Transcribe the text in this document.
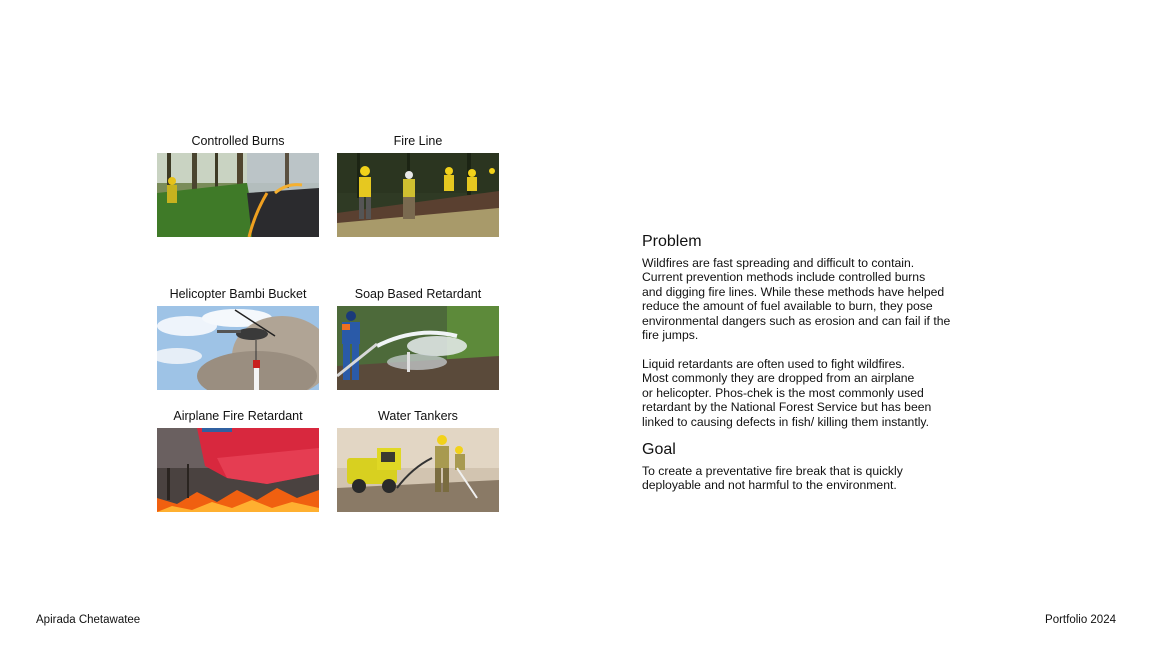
Controlled Burns	Fire Line
Helicopter Bambi Bucket	Soap Based Retardant
Airplane Fire Retardant	Water Tankers
Problem

Wildfires are fast spreading and difficult to contain.
Current prevention methods include controlled burns
and digging fire lines. While these methods have helped
reduce the amount of fuel available to burn, they pose
environmental dangers such as erosion and can fail if the
fire jumps.

Liquid retardants are often used to fight wildfires.
Most commonly they are dropped from an airplane
or helicopter. Phos-chek is the most commonly used
retardant by the National Forest Service but has been
linked to causing defects in fish/ killing them instantly.

Goal

To create a preventative fire break that is quickly
deployable and not harmful to the environment.

Apirada Chetawatee	Portfolio 2024
